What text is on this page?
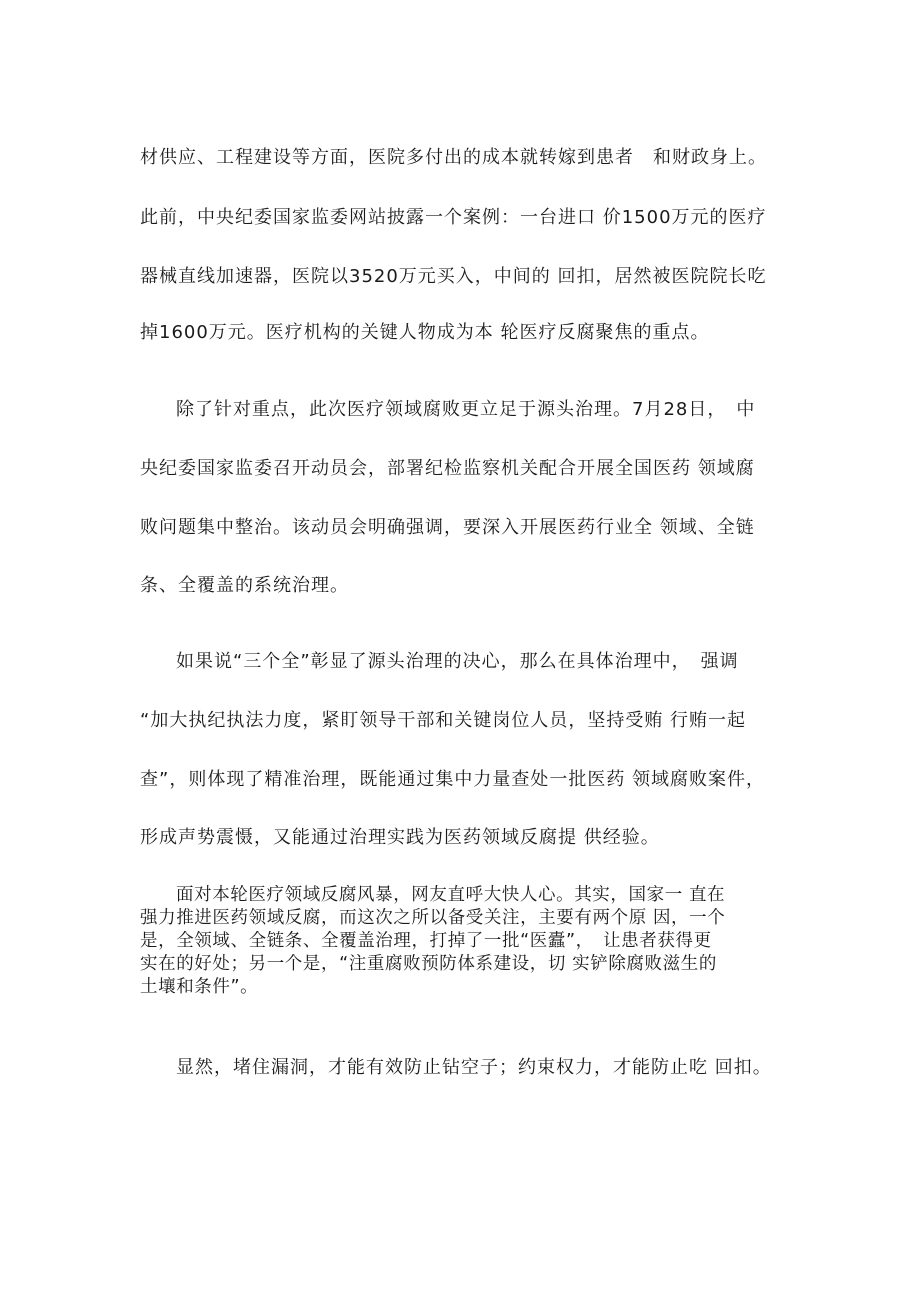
材供应、工程建设等方面，医院多付出的成本就转嫁到患者　和财政身上。

此前，中央纪委国家监委网站披露一个案例：一台进口 价1500万元的医疗

器械直线加速器，医院以3520万元买入，中间的 回扣，居然被医院院长吃

掉1600万元。医疗机构的关键人物成为本 轮医疗反腐聚焦的重点。

除了针对重点，此次医疗领域腐败更立足于源头治理。7月28日，　中

央纪委国家监委召开动员会，部署纪检监察机关配合开展全国医药 领域腐

败问题集中整治。该动员会明确强调，要深入开展医药行业全 领域、全链

条、全覆盖的系统治理。

如果说“三个全”彰显了源头治理的决心，那么在具体治理中，　强调

“加大执纪执法力度，紧盯领导干部和关键岗位人员，坚持受贿 行贿一起

查”，则体现了精准治理，既能通过集中力量查处一批医药 领域腐败案件，

形成声势震慑，又能通过治理实践为医药领域反腐提 供经验。

面对本轮医疗领域反腐风暴，网友直呼大快人心。其实，国家一 直在

强力推进医药领域反腐，而这次之所以备受关注，主要有两个原 因，一个

是，全领域、全链条、全覆盖治理，打掉了一批“医蠹”，　让患者获得更

实在的好处；另一个是，“注重腐败预防体系建设，切 实铲除腐败滋生的

土壤和条件”。

显然，堵住漏洞，才能有效防止钻空子；约束权力，才能防止吃 回扣。
